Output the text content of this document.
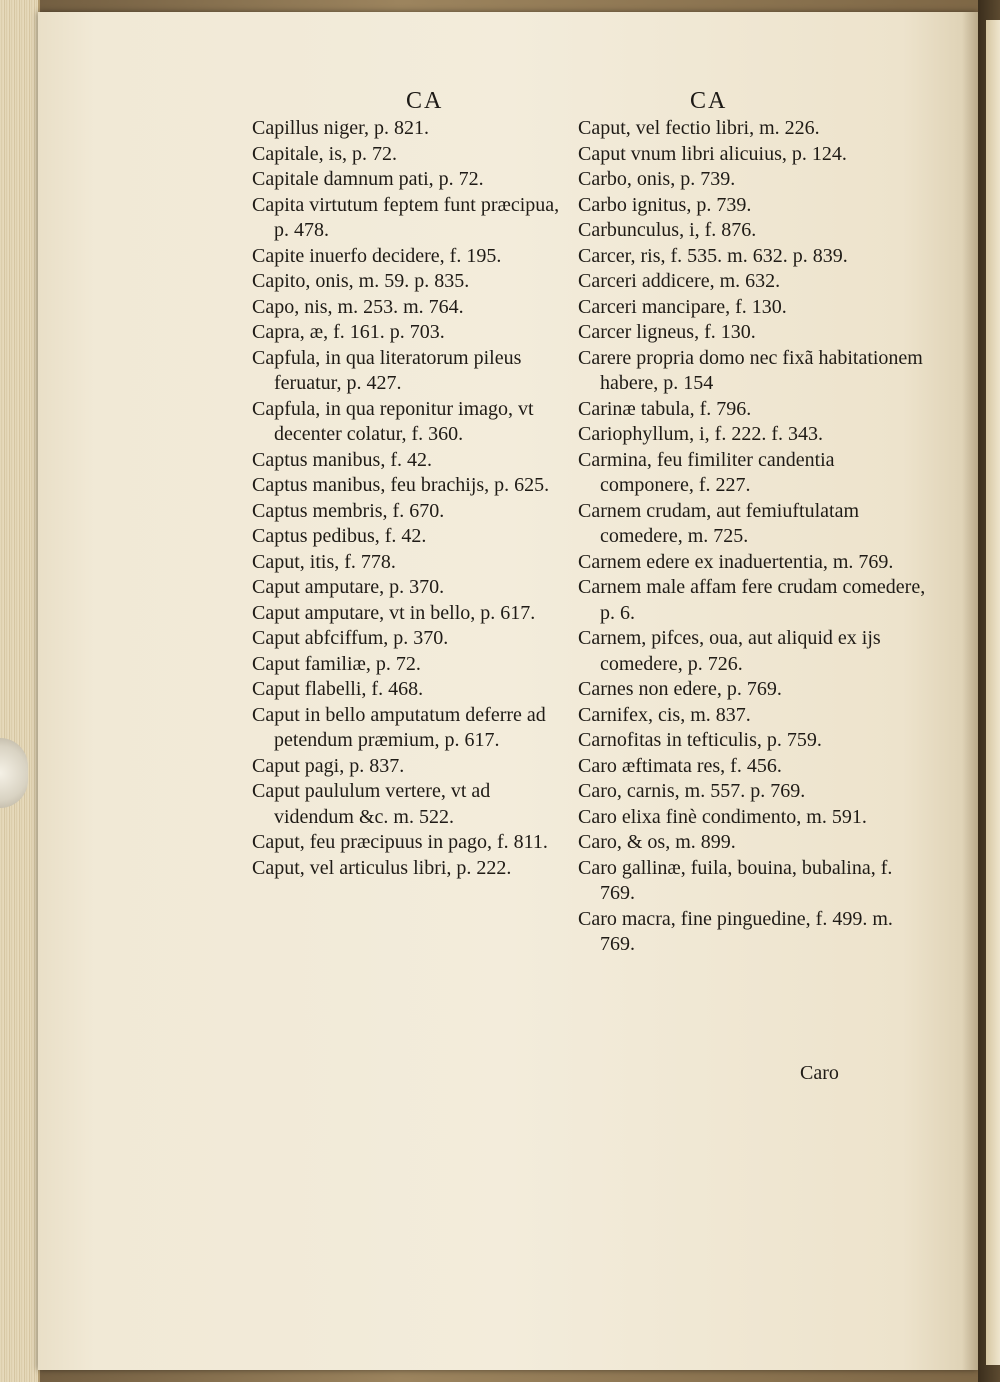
CA	CA
Capillus niger, p. 821.
Capitale, is, p. 72.
Capitale damnum pati, p. 72.
Capita virtutum feptem funt præcipua, p. 478.
Capite inuerfo decidere, f. 195.
Capito, onis, m. 59. p. 835.
Capo, nis, m. 253. m. 764.
Capra, æ, f. 161. p. 703.
Capfula, in qua literatorum pileus feruatur, p. 427.
Capfula, in qua reponitur imago, vt decenter colatur, f. 360.
Captus manibus, f. 42.
Captus manibus, feu brachijs, p. 625.
Captus membris, f. 670.
Captus pedibus, f. 42.
Caput, itis, f. 778.
Caput amputare, p. 370.
Caput amputare, vt in bello, p. 617.
Caput abfciffum, p. 370.
Caput familiæ, p. 72.
Caput flabelli, f. 468.
Caput in bello amputatum deferre ad petendum præmium, p. 617.
Caput pagi, p. 837.
Caput paululum vertere, vt ad videndum &c. m. 522.
Caput, feu præcipuus in pago, f. 811.
Caput, vel articulus libri, p. 222.
Caput, vel fectio libri, m. 226.
Caput vnum libri alicuius, p. 124.
Carbo, onis, p. 739.
Carbo ignitus, p. 739.
Carbunculus, i, f. 876.
Carcer, ris, f. 535. m. 632. p. 839.
Carceri addicere, m. 632.
Carceri mancipare, f. 130.
Carcer ligneus, f. 130.
Carere propria domo nec fixã habitationem habere, p. 154
Carinæ tabula, f. 796.
Cariophyllum, i, f. 222. f. 343.
Carmina, feu fimiliter candentia componere, f. 227.
Carnem crudam, aut femiuftulatam comedere, m. 725.
Carnem edere ex inaduertentia, m. 769.
Carnem male affam fere crudam comedere, p. 6.
Carnem, pifces, oua, aut aliquid ex ijs comedere, p. 726.
Carnes non edere, p. 769.
Carnifex, cis, m. 837.
Carnofitas in tefticulis, p. 759.
Caro æftimata res, f. 456.
Caro, carnis, m. 557. p. 769.
Caro elixa finè condimento, m. 591.
Caro, & os, m. 899.
Caro gallinæ, fuila, bouina, bubalina, f. 769.
Caro macra, fine pinguedine, f. 499. m. 769.
Caro
